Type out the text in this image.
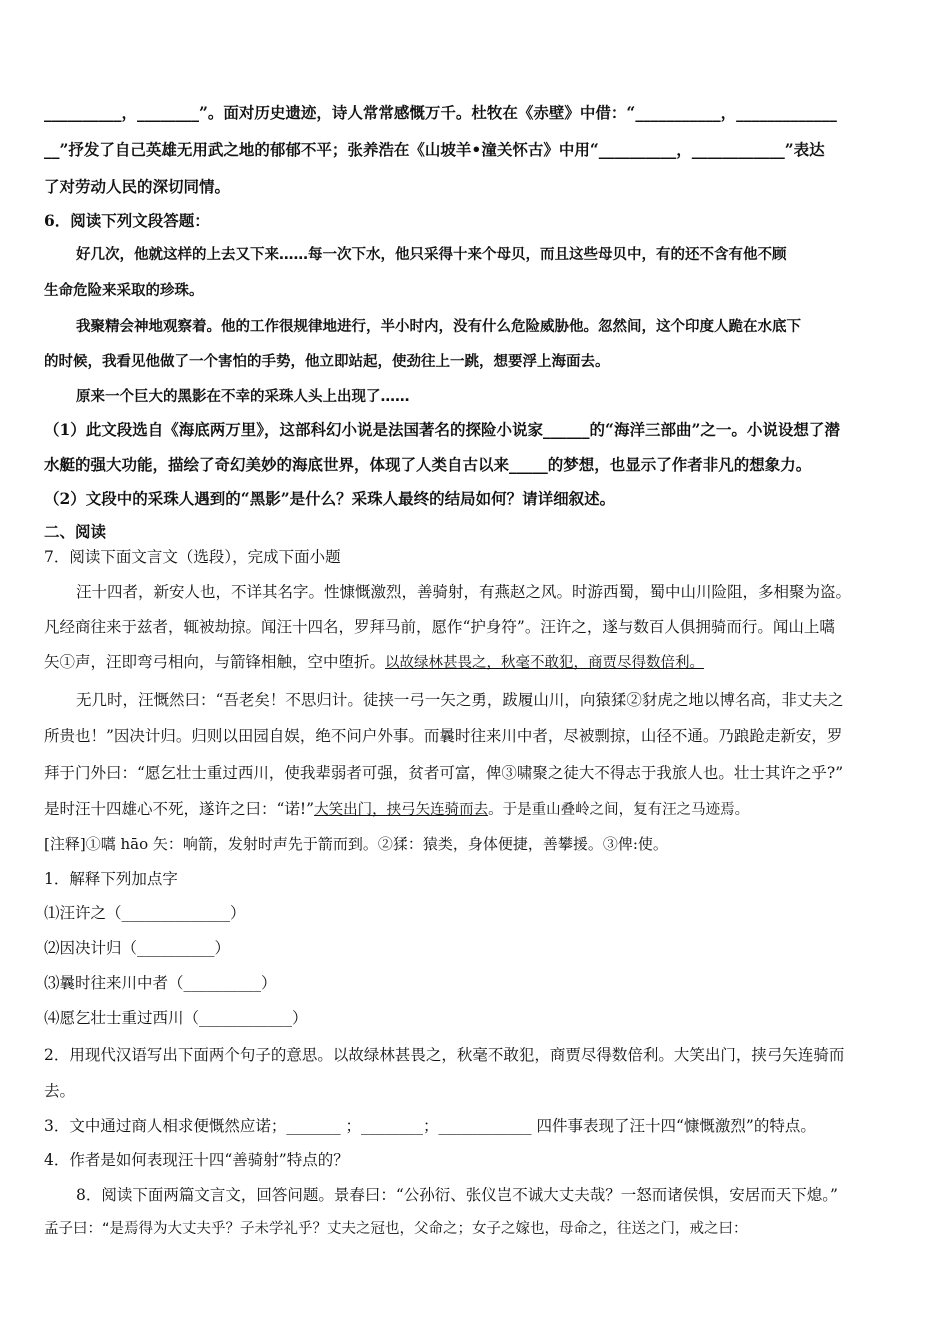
__________，________”。面对历史遗迹，诗人常常感慨万千。杜牧在《赤壁》中借：“___________，_____________
__”抒发了自己英雄无用武之地的郁郁不平；张养浩在《山坡羊•潼关怀古》中用“__________，____________”表达
了对劳动人民的深切同情。
6．阅读下列文段答题：
好几次，他就这样的上去又下来……每一次下水，他只采得十来个母贝，而且这些母贝中，有的还不含有他不顾
生命危险来采取的珍珠。
我聚精会神地观察着。他的工作很规律地进行，半小时内，没有什么危险威胁他。忽然间，这个印度人跪在水底下
的时候，我看见他做了一个害怕的手势，他立即站起，使劲往上一跳，想要浮上海面去。
原来一个巨大的黑影在不幸的采珠人头上出现了……
（1）此文段选自《海底两万里》，这部科幻小说是法国著名的探险小说家______的“海洋三部曲”之一。小说设想了潜
水艇的强大功能，描绘了奇幻美妙的海底世界，体现了人类自古以来_____的梦想，也显示了作者非凡的想象力。
（2）文段中的采珠人遇到的“黑影”是什么？采珠人最终的结局如何？请详细叙述。
二、阅读
7．阅读下面文言文（选段），完成下面小题
汪十四者，新安人也，不详其名字。性慷慨激烈，善骑射，有燕赵之风。时游西蜀，蜀中山川险阻，多相聚为盗。
凡经商往来于兹者，辄被劫掠。闻汪十四名，罗拜马前，愿作“护身符”。汪许之，遂与数百人俱拥骑而行。闻山上嚆
矢①声，汪即弯弓相向，与箭锋相触，空中堕折。以故绿林甚畏之，秋毫不敢犯，商贾尽得数倍利。
无几时，汪慨然曰：“吾老矣！不思归计。徒挟一弓一矢之勇，跋履山川，向猿猱②豺虎之地以博名高，非丈夫之
所贵也！”因决计归。归则以田园自娱，绝不问户外事。而曩时往来川中者，尽被剽掠，山径不通。乃踉跄走新安，罗
拜于门外曰：“愿乞壮士重过西川，使我辈弱者可强，贫者可富，俾③啸聚之徒大不得志于我旅人也。壮士其许之乎?”
是时汪十四雄心不死，遂许之曰：“诺!”大笑出门，挟弓矢连骑而去。于是重山叠岭之间，复有汪之马迹焉。
[注释]①嚆 hāo 矢：响箭，发射时声先于箭而到。②猱：猿类，身体便捷，善攀援。③俾:使。
1．解释下列加点字
⑴汪许之（______________）
⑵因决计归（__________）
⑶曩时往来川中者（__________）
⑷愿乞壮士重过西川（____________）
2．用现代汉语写出下面两个句子的意思。以故绿林甚畏之，秋毫不敢犯，商贾尽得数倍利。大笑出门，挟弓矢连骑而
去。
3．文中通过商人相求便慨然应诺；_______ ；________；____________ 四件事表现了汪十四“慷慨激烈”的特点。
4．作者是如何表现汪十四“善骑射”特点的？
8．阅读下面两篇文言文，回答问题。景春曰：“公孙衍、张仪岂不诚大丈夫哉？一怒而诸侯惧，安居而天下熄。”
孟子曰：“是焉得为大丈夫乎？子未学礼乎？丈夫之冠也，父命之；女子之嫁也，母命之，往送之门，戒之曰：
